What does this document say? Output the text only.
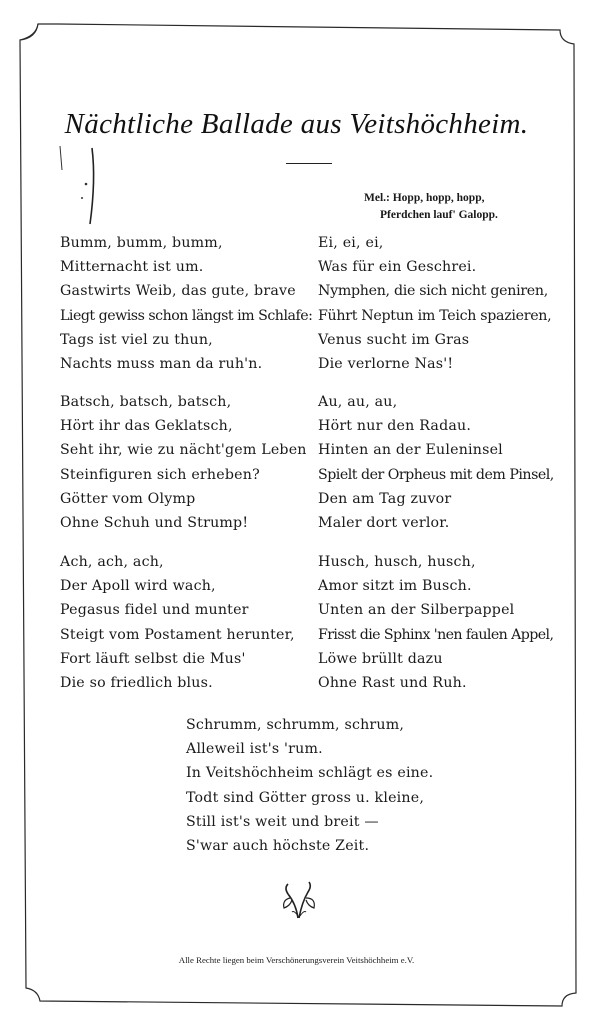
Nächtliche Ballade aus Veitshöchheim.
Mel.: Hopp, hopp, hopp,
Pferdchen lauf' Galopp.
Bumm, bumm, bumm,
Mitternacht ist um.
Gastwirts Weib, das gute, brave
Liegt gewiss schon längst im Schlafe:
Tags ist viel zu thun,
Nachts muss man da ruh'n.
Batsch, batsch, batsch,
Hört ihr das Geklatsch,
Seht ihr, wie zu nächt'gem Leben
Steinfiguren sich erheben?
Götter vom Olymp
Ohne Schuh und Strump!
Ach, ach, ach,
Der Apoll wird wach,
Pegasus fidel und munter
Steigt vom Postament herunter,
Fort läuft selbst die Mus'
Die so friedlich blus.
Ei, ei, ei,
Was für ein Geschrei.
Nymphen, die sich nicht geniren,
Führt Neptun im Teich spazieren,
Venus sucht im Gras
Die verlorne Nas'!
Au, au, au,
Hört nur den Radau.
Hinten an der Euleninsel
Spielt der Orpheus mit dem Pinsel,
Den am Tag zuvor
Maler dort verlor.
Husch, husch, husch,
Amor sitzt im Busch.
Unten an der Silberpappel
Frisst die Sphinx 'nen faulen Appel,
Löwe brüllt dazu
Ohne Rast und Ruh.
Schrumm, schrumm, schrum,
Alleweil ist's 'rum.
In Veitshöchheim schlägt es eine.
Todt sind Götter gross u. kleine,
Still ist's weit und breit —
S'war auch höchste Zeit.
Alle Rechte liegen beim Verschönerungsverein Veitshöchheim e.V.
